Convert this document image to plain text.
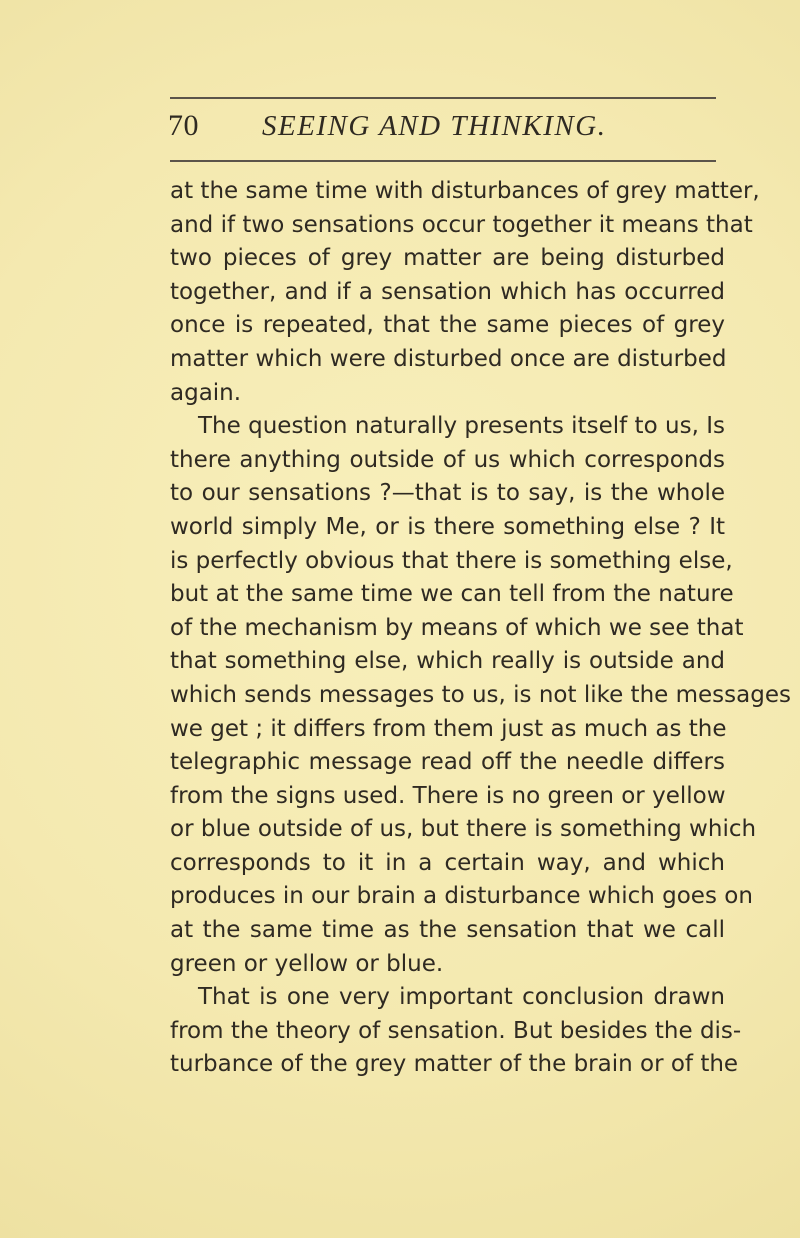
70 SEEING AND THINKING.
at the same time with disturbances of grey matter,
and if two sensations occur together it means that
two pieces of grey matter are being disturbed
together, and if a sensation which has occurred
once is repeated, that the same pieces of grey
matter which were disturbed once are disturbed
again.
The question naturally presents itself to us, Is
there anything outside of us which corresponds
to our sensations ?—that is to say, is the whole
world simply Me, or is there something else ? It
is perfectly obvious that there is something else,
but at the same time we can tell from the nature
of the mechanism by means of which we see that
that something else, which really is outside and
which sends messages to us, is not like the messages
we get ; it differs from them just as much as the
telegraphic message read off the needle differs
from the signs used. There is no green or yellow
or blue outside of us, but there is something which
corresponds to it in a certain way, and which
produces in our brain a disturbance which goes on
at the same time as the sensation that we call
green or yellow or blue.
That is one very important conclusion drawn
from the theory of sensation. But besides the dis-
turbance of the grey matter of the brain or of the
